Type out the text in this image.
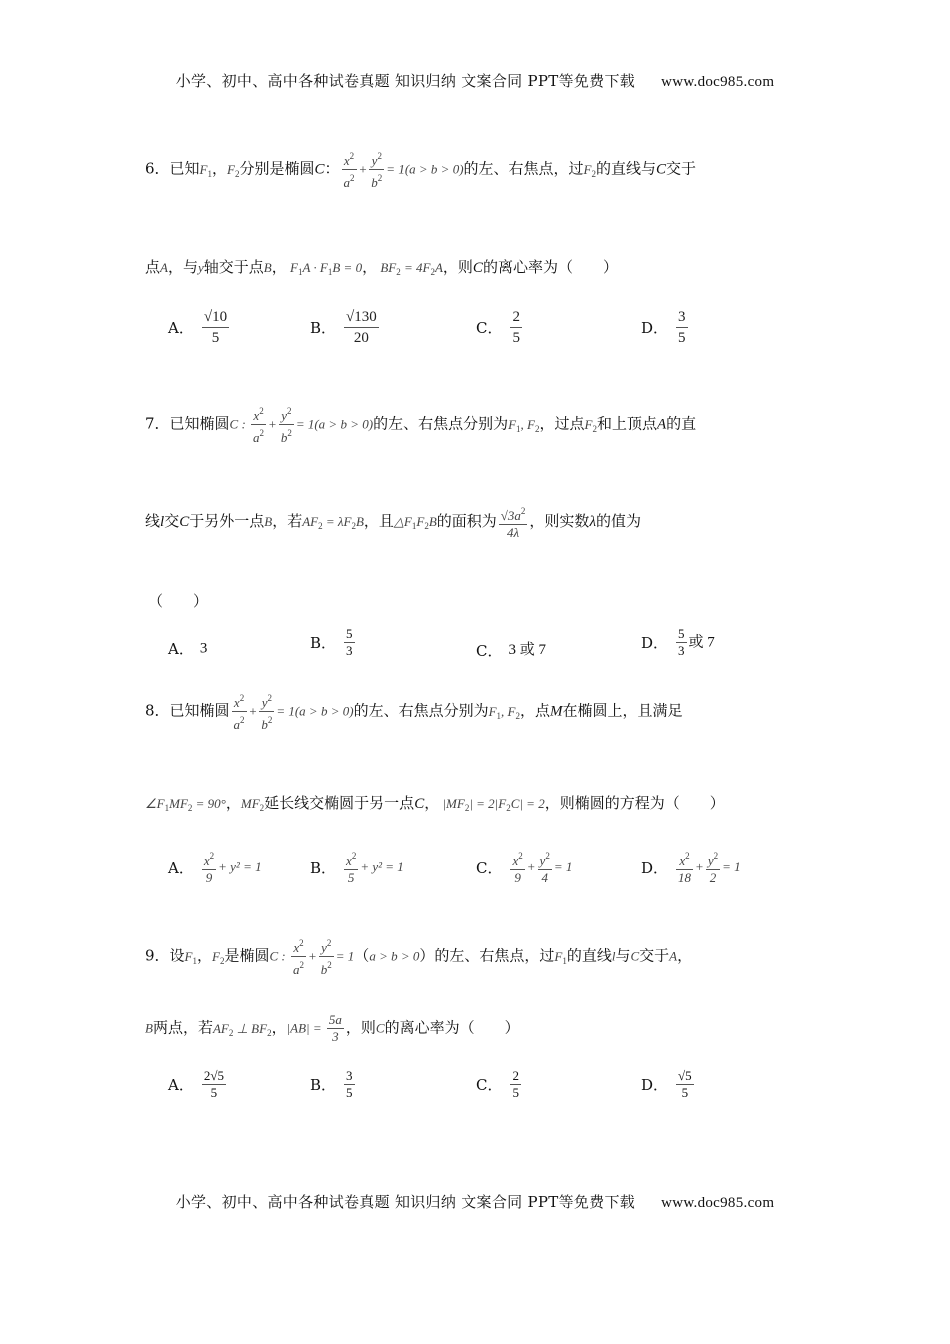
小学、初中、高中各种试卷真题 知识归纳 文案合同 PPT等免费下载 www.doc985.com
6．已知$F_1$，$F_2$分别是椭圆C： $\frac{x^2}{a^2} + \frac{y^2}{b^2} = 1(a > b > 0)$的左、右焦点，过$F_2$的直线与C交于
点A，与y轴交于点B， $F_1A \cdot F_1B = 0$， $BF_2 = 4F_2A$，则C的离心率为（　　）
A． $\frac{√10}{5}$	B． $\frac{√130}{20}$	C． $\frac{2}{5}$	D． $\frac{3}{5}$
7．已知椭圆C : $\frac{x^2}{a^2} + \frac{y^2}{b^2} = 1(a > b > 0)$的左、右焦点分别为$F_1$, $F_2$，过点$F_2$和上顶点A的直
线l交C于另外一点B，若$AF_2 = \lambda F_2B$，且$\triangle F_1F_2B$的面积为 $\frac{√3a^2}{4\lambda}$ ，则实数λ的值为
（　　）
A． 3	B． $\frac{5}{3}$	C． 3 或 7	D． $\frac{5}{3}$ 或 7
8．已知椭圆 $\frac{x^2}{a^2} + \frac{y^2}{b^2} = 1(a > b > 0)$的左、右焦点分别为$F_1$, $F_2$，点M在椭圆上，且满足
$\angle F_1MF_2 = 90^\circ$，$MF_2$延长线交椭圆于另一点C， $|MF_2| = 2|F_2C| = 2$，则椭圆的方程为（　　）
A． $\frac{x^2}{9} + y^2 = 1$	B． $\frac{x^2}{5} + y^2 = 1$	C． $\frac{x^2}{9} + \frac{y^2}{4} = 1$	D． $\frac{x^2}{18} + \frac{y^2}{2} = 1$
9．设$F_1$，$F_2$是椭圆C : $\frac{x^2}{a^2} + \frac{y^2}{b^2} = 1(a > b > 0)$的左、右焦点，过$F_1$的直线l与C交于A，
B两点，若$AF_2$ ⊥ $BF_2$，$|AB| = \frac{5a}{3}$ ，则C的离心率为（　　）
A． $\frac{2√5}{5}$	B． $\frac{3}{5}$	C． $\frac{2}{5}$	D． $\frac{√5}{5}$
小学、初中、高中各种试卷真题 知识归纳 文案合同 PPT等免费下载 www.doc985.com
